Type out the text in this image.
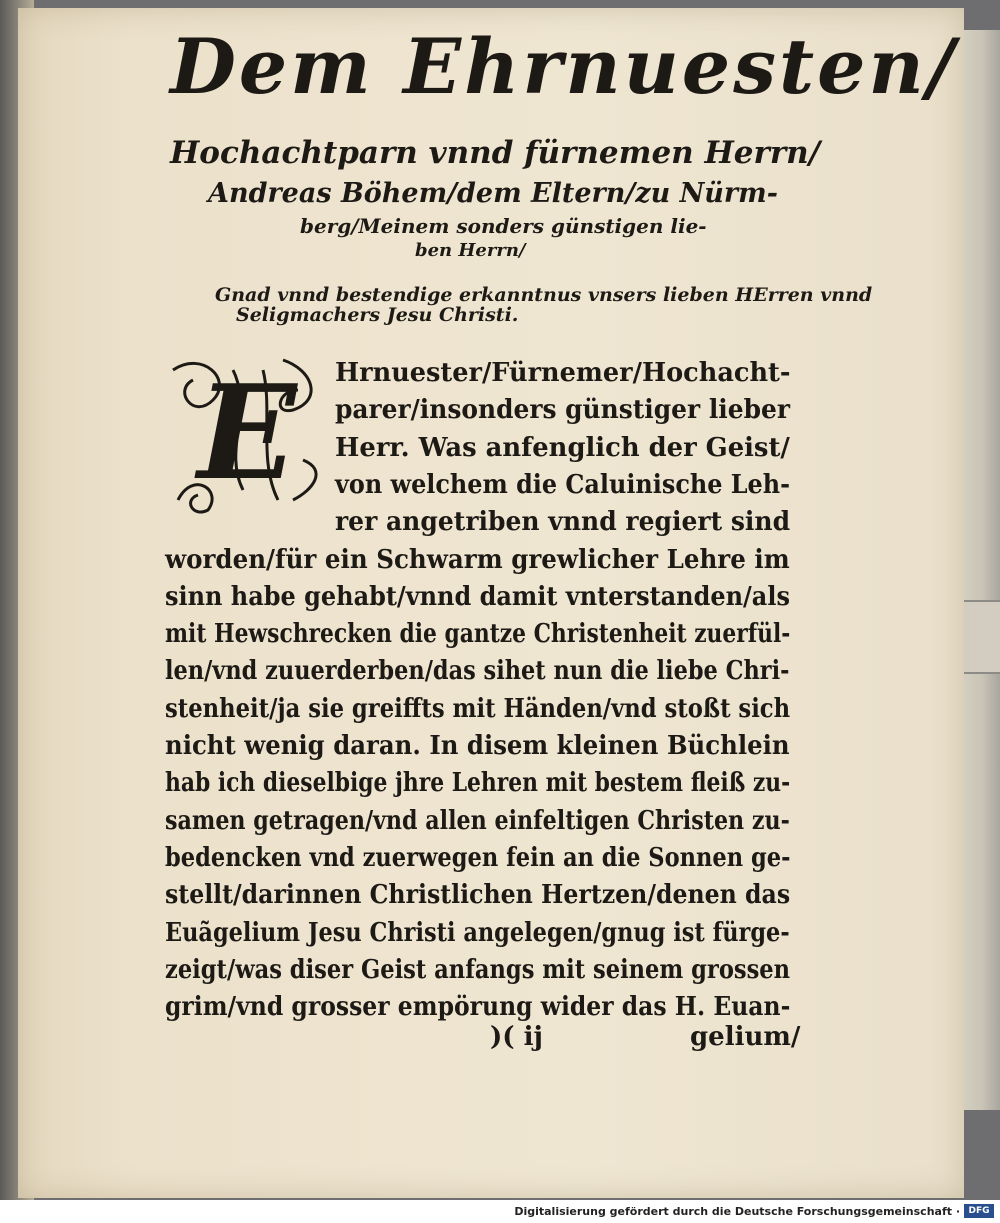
Dem Ehrnuesten/
Hochachtparn vnnd fürnemen Herrn/
Andreas Böhem/dem Eltern/zu Nürm-
berg/Meinem sonders günstigen lie-
ben Herrn/
Gnad vnnd bestendige erkanntnus vnsers lieben HErren vnnd
Seligmachers Jesu Christi.
E Hrnuester/Fürnemer/Hochacht-
parer/insonders günstiger lieber
Herr. Was anfenglich der Geist/
von welchem die Caluinische Leh-
rer angetriben vnnd regiert sind
worden/für ein Schwarm grewlicher Lehre im
sinn habe gehabt/vnnd damit vnterstanden/als
mit Hewschrecken die gantze Christenheit zuerfül-
len/vnd zuuerderben/das sihet nun die liebe Chri-
stenheit/ja sie greiffts mit Händen/vnd stoßt sich
nicht wenig daran. In disem kleinen Büchlein
hab ich dieselbige jhre Lehren mit bestem fleiß zu-
samen getragen/vnd allen einfeltigen Christen zu-
bedencken vnd zuerwegen fein an die Sonnen ge-
stellt/darinnen Christlichen Hertzen/denen das
Euãgelium Jesu Christi angelegen/gnug ist fürge-
zeigt/was diser Geist anfangs mit seinem grossen
grim/vnd grosser empörung wider das H. Euan-
)( ij	gelium/
Digitalisierung gefördert durch die Deutsche Forschungsgemeinschaft · DFG
